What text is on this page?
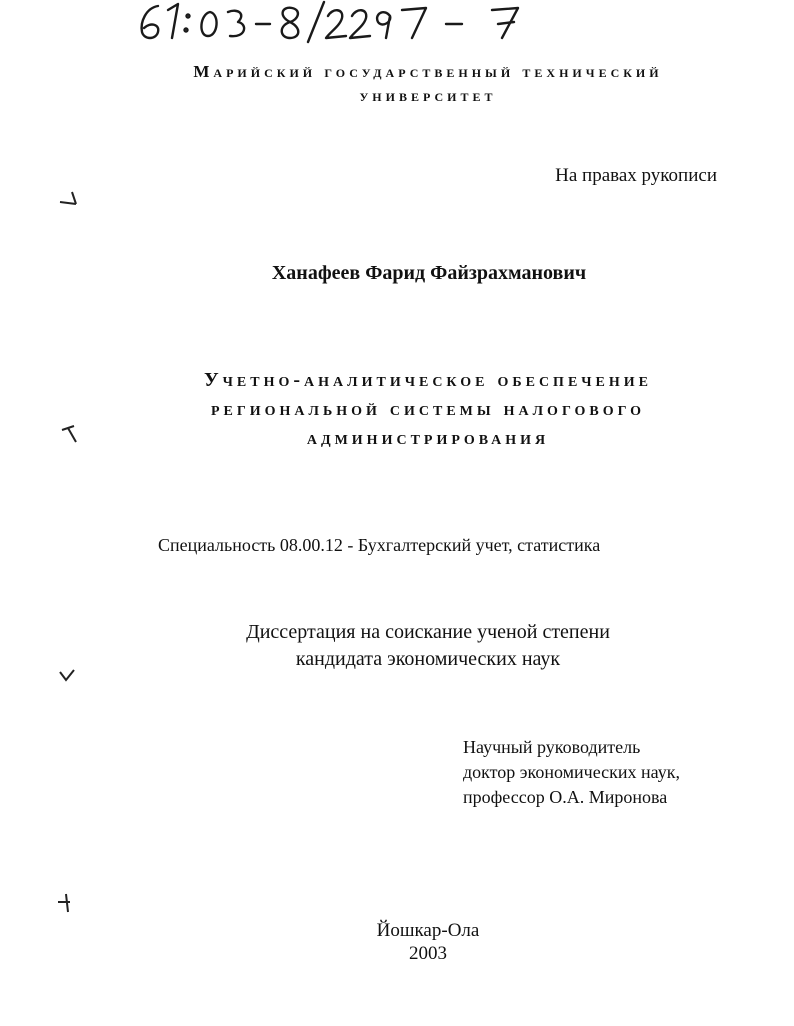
Марийский государственный технический
университет
На правах рукописи
Ханафеев Фарид Файзрахманович
Учетно-аналитическое обеспечение
региональной системы налогового
администрирования
Специальность 08.00.12 - Бухгалтерский учет, статистика
Диссертация на соискание ученой степени
кандидата экономических наук
Научный руководитель
доктор экономических наук,
профессор О.А. Миронова
Йошкар-Ола
2003
